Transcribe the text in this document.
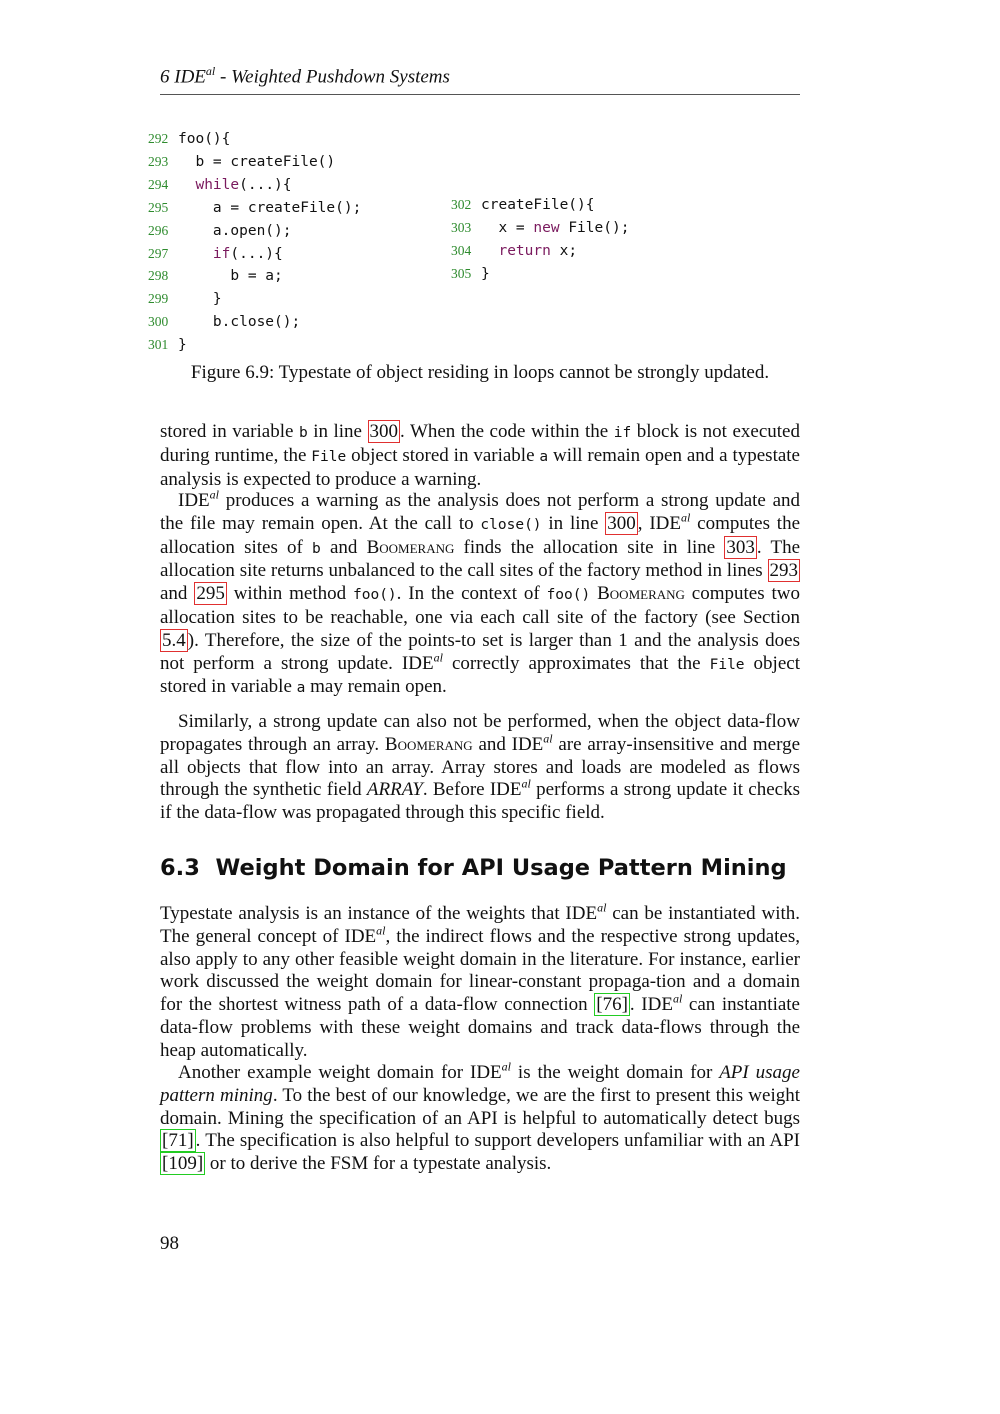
6 $IDE^{al}$ - Weighted Pushdown Systems
292 foo(){
293 b = createFile()
294 while(...){
295	a = createFile();
296	a.open();
297	if(...){
298	b = a;
299	}
300	b.close();
301 }
302 createFile(){
303  x = new File();
304 return x;
305 }
Figure 6.9: Typestate of object residing in loops cannot be strongly updated.

stored in variable b in line 300 . When the code within the if block is not executed during runtime, the File object stored in variable a will remain open and a typestate analysis is expected to produce a warning.

$IDE^{al}$ produces a warning as the analysis does not perform a strong update and the file may remain open. At the call to close() in line 300 , $IDE^{al}$ computes the allocation sites of b and Boomerang finds the allocation site in line 303 . The allocation site returns unbalanced to the call sites of the factory method in lines 293 and 295 within method foo(). In the context of foo() Boomerang computes two allocation sites to be reachable, one via each call site of the factory (see Section 5.4 ). Therefore, the size of the points-to set is larger than 1 and the analysis does not perform a strong update. $IDE^{al}$ correctly approximates that the File object stored in variable a may remain open.

Similarly, a strong update can also not be performed, when the object data-flow propagates through an array. Boomerang and $IDE^{al}$ are array-insensitive and merge all objects that flow into an array. Array stores and loads are modeled as flows through the synthetic field ARRAY. Before $IDE^{al}$ performs a strong update it checks if the data-flow was propagated through this specific field.

6.3 Weight Domain for API Usage Pattern Mining

Typestate analysis is an instance of the weights that $IDE^{al}$ can be instantiated with. The general concept of $IDE^{al}$, the indirect flows and the respective strong updates, also apply to any other feasible weight domain in the literature. For instance, earlier work discussed the weight domain for linear-constant propaga-tion and a domain for the shortest witness path of a data-flow connection [76] . $IDE^{al}$ can instantiate data-flow problems with these weight domains and track data-flows through the heap automatically.

Another example weight domain for $IDE^{al}$ is the weight domain for API usage pattern mining. To the best of our knowledge, we are the first to present this weight domain. Mining the specification of an API is helpful to automatically detect bugs [71] . The specification is also helpful to support developers unfamiliar with an API [109] or to derive the FSM for a typestate analysis.

98
